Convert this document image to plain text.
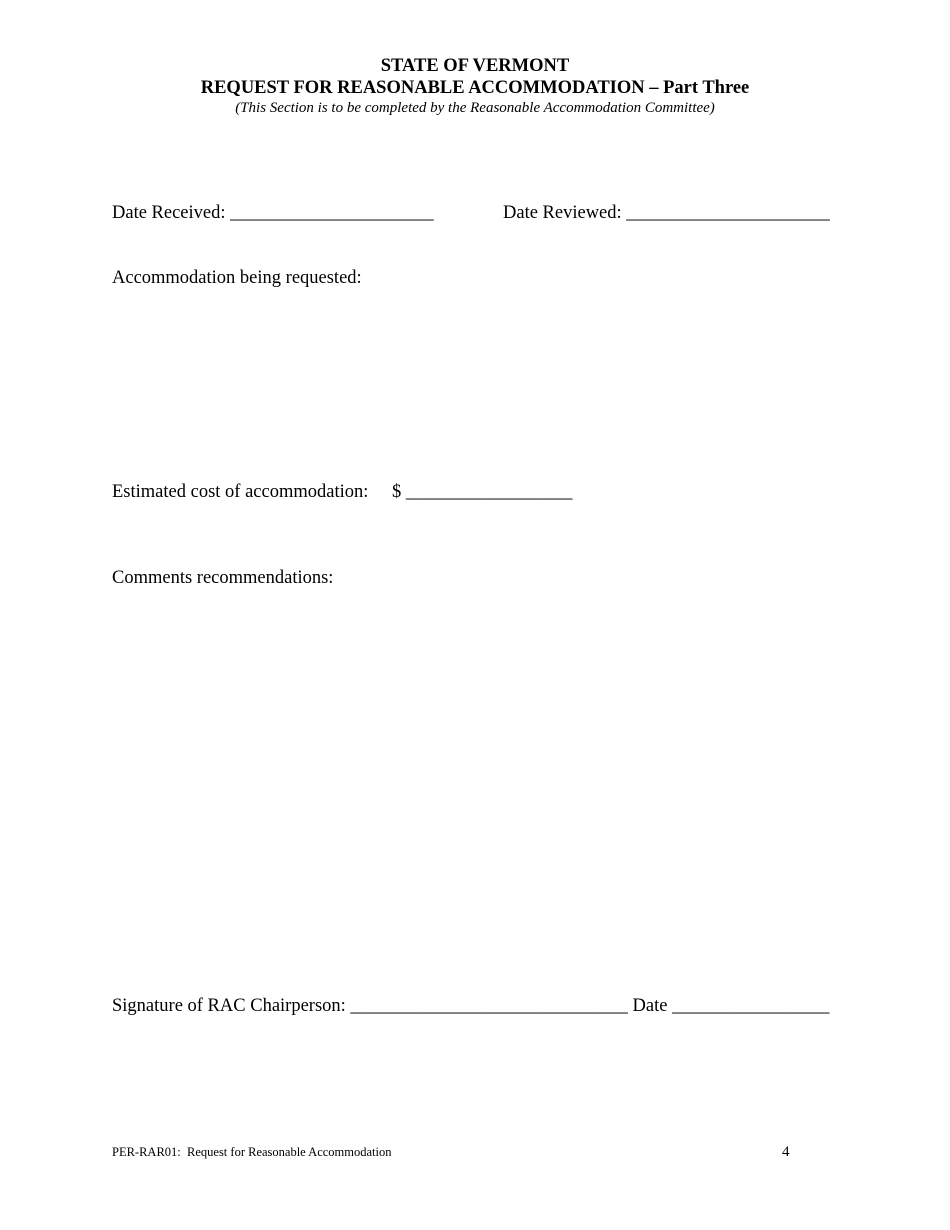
STATE OF VERMONT
REQUEST FOR REASONABLE ACCOMMODATION – Part Three
(This Section is to be completed by the Reasonable Accommodation Committee)
Date Received: ______________________	Date Reviewed: ______________________
Accommodation being requested:
Estimated cost of accommodation: $ __________________
Comments recommendations:
Signature of RAC Chairperson: ______________________________ Date _________________
PER-RAR01:  Request for Reasonable Accommodation	4
